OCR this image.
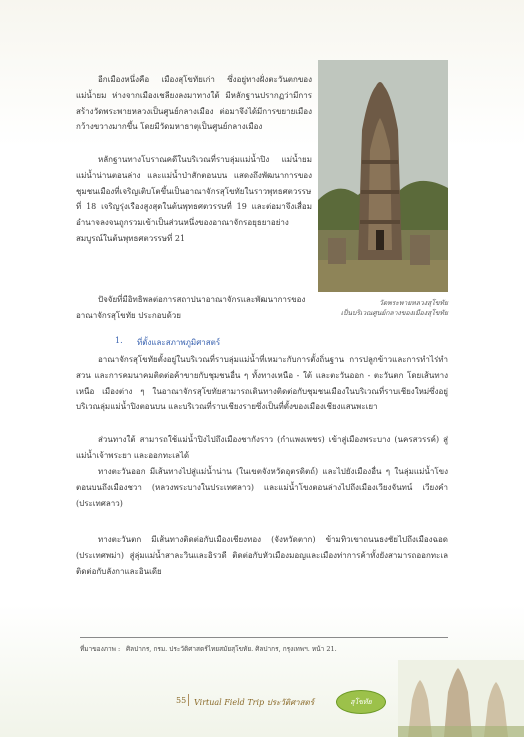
อีกเมืองหนึ่งคือ เมืองสุโขทัยเก่า ซึ่งอยู่ทางฝั่งตะวันตกของแม่น้ำยม ห่างจากเมืองเชลียงลงมาทางใต้ มีหลักฐานปรากฏว่ามีการสร้างวัดพระพายหลวงเป็นศูนย์กลางเมือง ต่อมาจึงได้มีการขยายเมืองกว้างขวางมากขึ้น โดยมีวัดมหาธาตุเป็นศูนย์กลางเมือง
หลักฐานทางโบราณคดีในบริเวณที่ราบลุ่มแม่น้ำปิง แม่น้ำยม แม่น้ำน่านตอนล่าง และแม่น้ำป่าสักตอนบน แสดงถึงพัฒนาการของชุมชนเมืองที่เจริญเติบโตขึ้นเป็นอาณาจักรสุโขทัยในราวพุทธศตวรรษที่ 18 เจริญรุ่งเรืองสูงสุดในต้นพุทธศตวรรษที่ 19 และต่อมาจึงเสื่อมอำนาจลงจนถูกรวมเข้าเป็นส่วนหนึ่งของอาณาจักรอยุธยาอย่างสมบูรณ์ในต้นพุทธศตวรรษที่ 21
วัดพระพายหลวงสุโขทัย
เป็นบริเวณศูนย์กลางของเมืองสุโขทัย
ปัจจัยที่มีอิทธิพลต่อการสถาปนาอาณาจักรและพัฒนาการของอาณาจักรสุโขทัย ประกอบด้วย
1. ที่ตั้งและสภาพภูมิศาสตร์
อาณาจักรสุโขทัยตั้งอยู่ในบริเวณที่ราบลุ่มแม่น้ำที่เหมาะกับการตั้งถิ่นฐาน การปลูกข้าวและการทำไร่ทำสวน และการคมนาคมติดต่อค้าขายกับชุมชนอื่น ๆ ทั้งทางเหนือ - ใต้ และตะวันออก - ตะวันตก โดยเส้นทางเหนือ เมืองต่าง ๆ ในอาณาจักรสุโขทัยสามารถเดินทางติดต่อกับชุมชนเมืองในบริเวณที่ราบเชียงใหม่ซึ่งอยู่บริเวณลุ่มแม่น้ำปิงตอนบน และบริเวณที่ราบเชียงรายซึ่งเป็นที่ตั้งของเมืองเชียงแสนพะเยา
ส่วนทางใต้ สามารถใช้แม่น้ำปิงไปถึงเมืองชากังราว (กำแพงเพชร) เข้าสู่เมืองพระบาง (นครสวรรค์) สู่แม่น้ำเจ้าพระยา และออกทะเลได้
ทางตะวันออก มีเส้นทางไปสู่แม่น้ำน่าน (ในเขตจังหวัดอุตรดิตถ์) และไปยังเมืองอื่น ๆ ในลุ่มแม่น้ำโขงตอนบนถึงเมืองชวา (หลวงพระบางในประเทศลาว) และแม่น้ำโขงตอนล่างไปถึงเมืองเวียงจันทน์ เวียงคำ (ประเทศลาว)
ทางตะวันตก มีเส้นทางติดต่อกับเมืองเชียงทอง (จังหวัดตาก) ข้ามทิวเขาถนนธงชัยไปถึงเมืองฉอด (ประเทศพม่า) สู่ลุ่มแม่น้ำสาละวินและอิรวดี ติดต่อกับหัวเมืองมอญและเมืองท่าการค้าทั้งยังสามารถออกทะเลติดต่อกับลังกาและอินเดีย
ที่มาของภาพ : ศิลปากร, กรม. ประวัติศาสตร์ไทยสมัยสุโขทัย. ศิลปากร, กรุงเทพฯ. หน้า 21.
55 Virtual Field Trip ประวัติศาสตร์	สุโขทัย
